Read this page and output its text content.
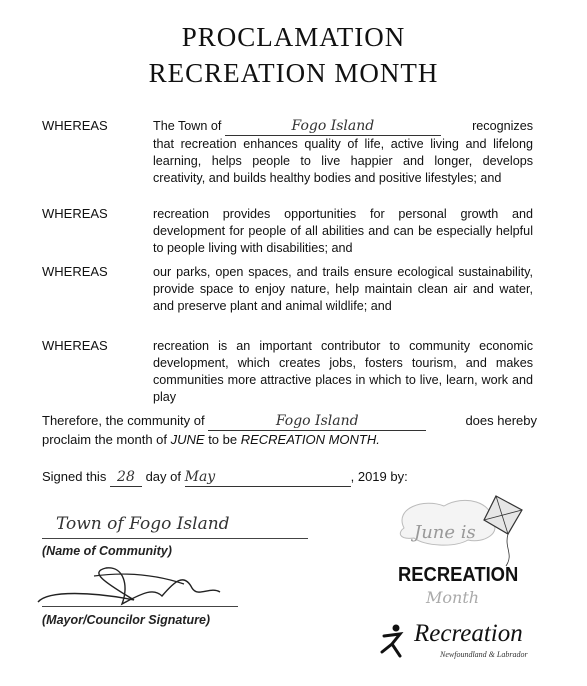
PROCLAMATION
RECREATION MONTH
WHEREAS	The Town of	Fogo Island	recognizes

that recreation enhances quality of life, active living and lifelong learning, helps people to live happier and longer, develops creativity, and builds healthy bodies and positive lifestyles; and
WHEREAS	recreation provides opportunities for personal growth and development for people of all abilities and can be especially helpful to people living with disabilities; and
WHEREAS	our parks, open spaces, and trails ensure ecological sustainability, provide space to enjoy nature, help maintain clean air and water, and preserve plant and animal wildlife; and
WHEREAS	recreation is an important contributor to community economic development, which creates jobs, fosters tourism, and makes communities more attractive places in which to live, learn, work and play
Therefore, the community of	Fogo Island	does hereby

proclaim the month of JUNE to be RECREATION MONTH.
Signed this 28 day of May	, 2019 by:
Town of Fogo Island
(Name of Community)
(Mayor/Councilor Signature)
June is
RECREATION
Month
Recreation
Newfoundland & Labrador
